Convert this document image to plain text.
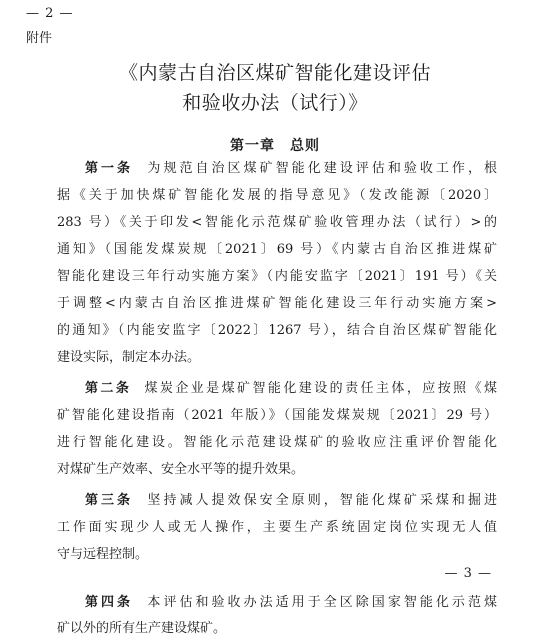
— 2 —
附件
《内蒙古自治区煤矿智能化建设评估
和验收办法（试行）》
第一章　总则
第一条 为规范自治区煤矿智能化建设评估和验收工作，根
据《关于加快煤矿智能化发展的指导意见》（发改能源〔2020〕
283 号）《关于印发<智能化示范煤矿验收管理办法（试行）>的
通知》（国能发煤炭规〔2021〕69 号）《内蒙古自治区推进煤矿
智能化建设三年行动实施方案》（内能安监字〔2021〕191 号）《关
于调整<内蒙古自治区推进煤矿智能化建设三年行动实施方案>
的通知》（内能安监字〔2022〕1267 号），结合自治区煤矿智能化
建设实际，制定本办法。
第二条 煤炭企业是煤矿智能化建设的责任主体，应按照《煤
矿智能化建设指南（2021 年版）》（国能发煤炭规〔2021〕29 号）
进行智能化建设。智能化示范建设煤矿的验收应注重评价智能化
对煤矿生产效率、安全水平等的提升效果。
第三条 坚持减人提效保安全原则，智能化煤矿采煤和掘进
工作面实现少人或无人操作，主要生产系统固定岗位实现无人值
守与远程控制。
— 3 —
第四条 本评估和验收办法适用于全区除国家智能化示范煤
矿以外的所有生产建设煤矿。
